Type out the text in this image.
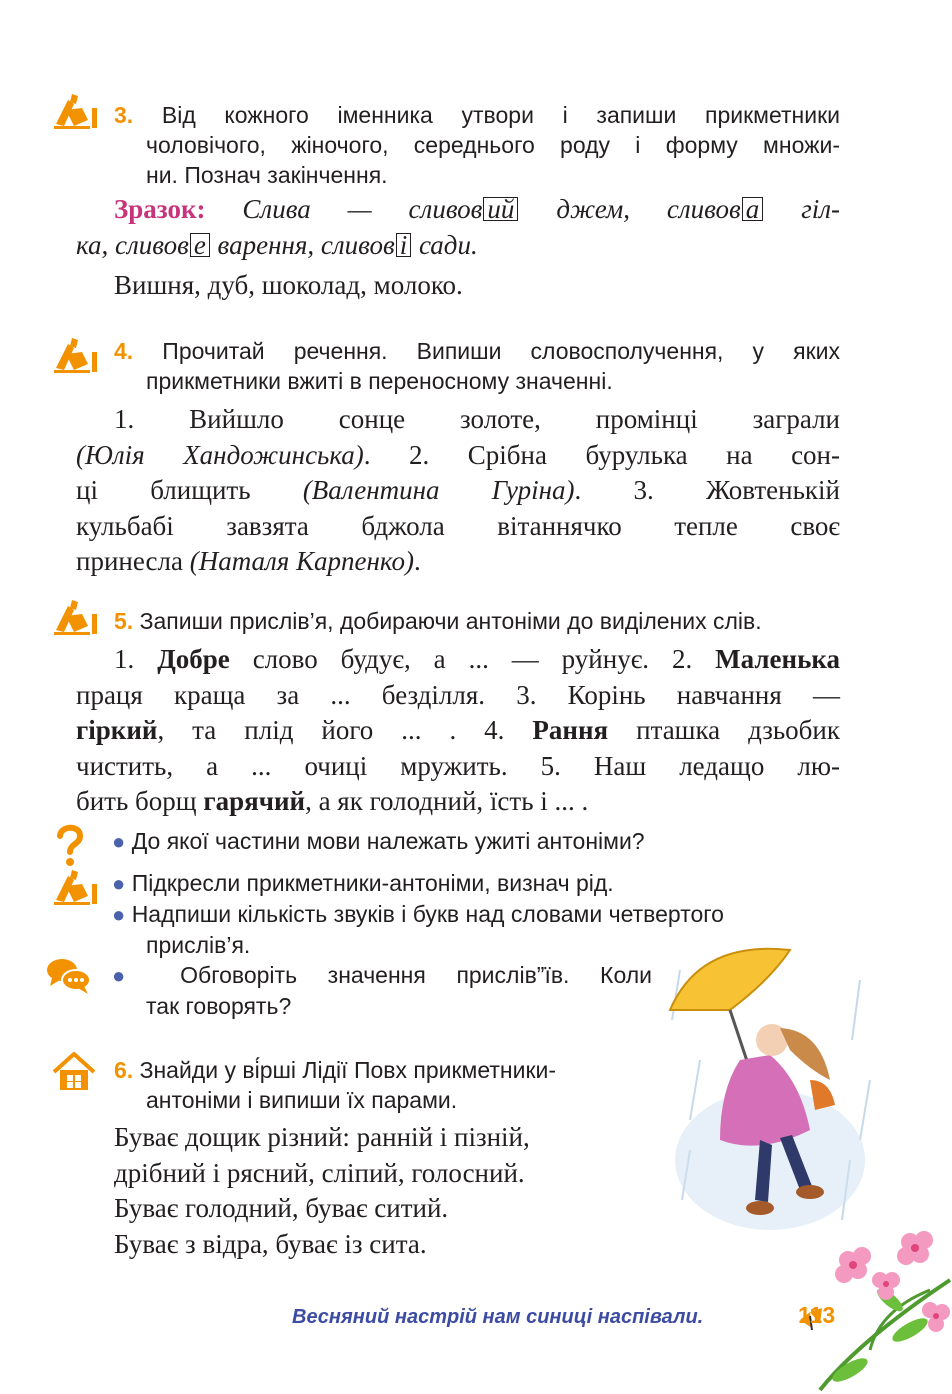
3. Від кожного іменника утвори і запиши прикметники
чоловічого, жіночого, середнього роду і форму множи-
ни. Познач закінчення.
Зразок: Слива — сливов ий джем, сливов а гіл-
ка, сливов е варення, сливов і сади.
Вишня, дуб, шоколад, молоко.
4. Прочитай речення. Випиши словосполучення, у яких
прикметники вжиті в переносному значенні.
1. Вийшло сонце золоте, промінці заграли
(Юлія Хандожинська). 2. Срібна бурулька на сон-
ці блищить (Валентина Гуріна). 3. Жовтенькій
кульбабі завзята бджола вітаннячко тепле своє
принесла (Наталя Карпенко).
5. Запиши прислів’я, добираючи антоніми до виділених слів.
1. Добре слово будує, а ... — руйнує. 2. Маленька
праця краща за ... безділля. 3. Корінь навчання —
гіркий, та плід його ... . 4. Рання пташка дзьобик
чистить, а ... очиці мружить. 5. Наш ледащо лю-
бить борщ гарячий, а як голодний, їсть і ... .
● До якої частини мови належать ужиті антоніми?
● Підкресли прикметники-антоніми, визнач рід.
● Надпиши кількість звуків і букв над словами четвертого
прислів’я.
● Обговоріть значення прислів”їв. Коли
так говорять?
6. Знайди у ві́рші Лідії Повх прикметники-
антоніми і випиши їх парами.
Буває дощик різний: ранній і пізній,
дрібний і рясний, сліпий, голосний.
Буває голодний, буває ситий.
Буває з відра, буває із сита.
Весняний настрій нам синиці наспівали.	113
